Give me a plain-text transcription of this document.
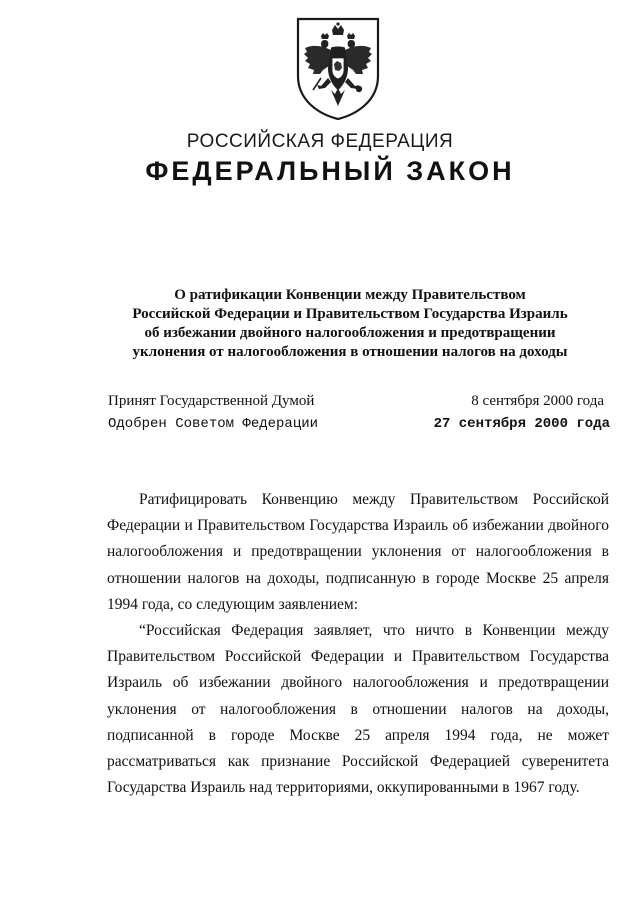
РОССИЙСКАЯ ФЕДЕРАЦИЯ
ФЕДЕРАЛЬНЫЙ ЗАКОН
О ратификации Конвенции между Правительством
Российской Федерации и Правительством Государства Израиль
об избежании двойного налогообложения и предотвращении
уклонения от налогообложения в отношении налогов на доходы
Принят Государственной Думой	8 сентября 2000 года
Одобрен Советом Федерации	27 сентября 2000 года

Ратифицировать Конвенцию между Правительством Российской Федерации и Правительством Государства Израиль об избежании двойного налогообложения и предотвращении уклонения от налогообложения в отношении налогов на доходы, подписанную в городе Москве 25 апреля 1994 года, со следующим заявлением:

“Российская Федерация заявляет, что ничто в Конвенции между Правительством Российской Федерации и Правительством Государства Израиль об избежании двойного налогообложения и предотвращении уклонения от налогообложения в отношении налогов на доходы, подписанной в городе Москве 25 апреля 1994 года, не может рассматриваться как признание Российской Федерацией суверенитета Государства Израиль над территориями, оккупированными в 1967 году.
